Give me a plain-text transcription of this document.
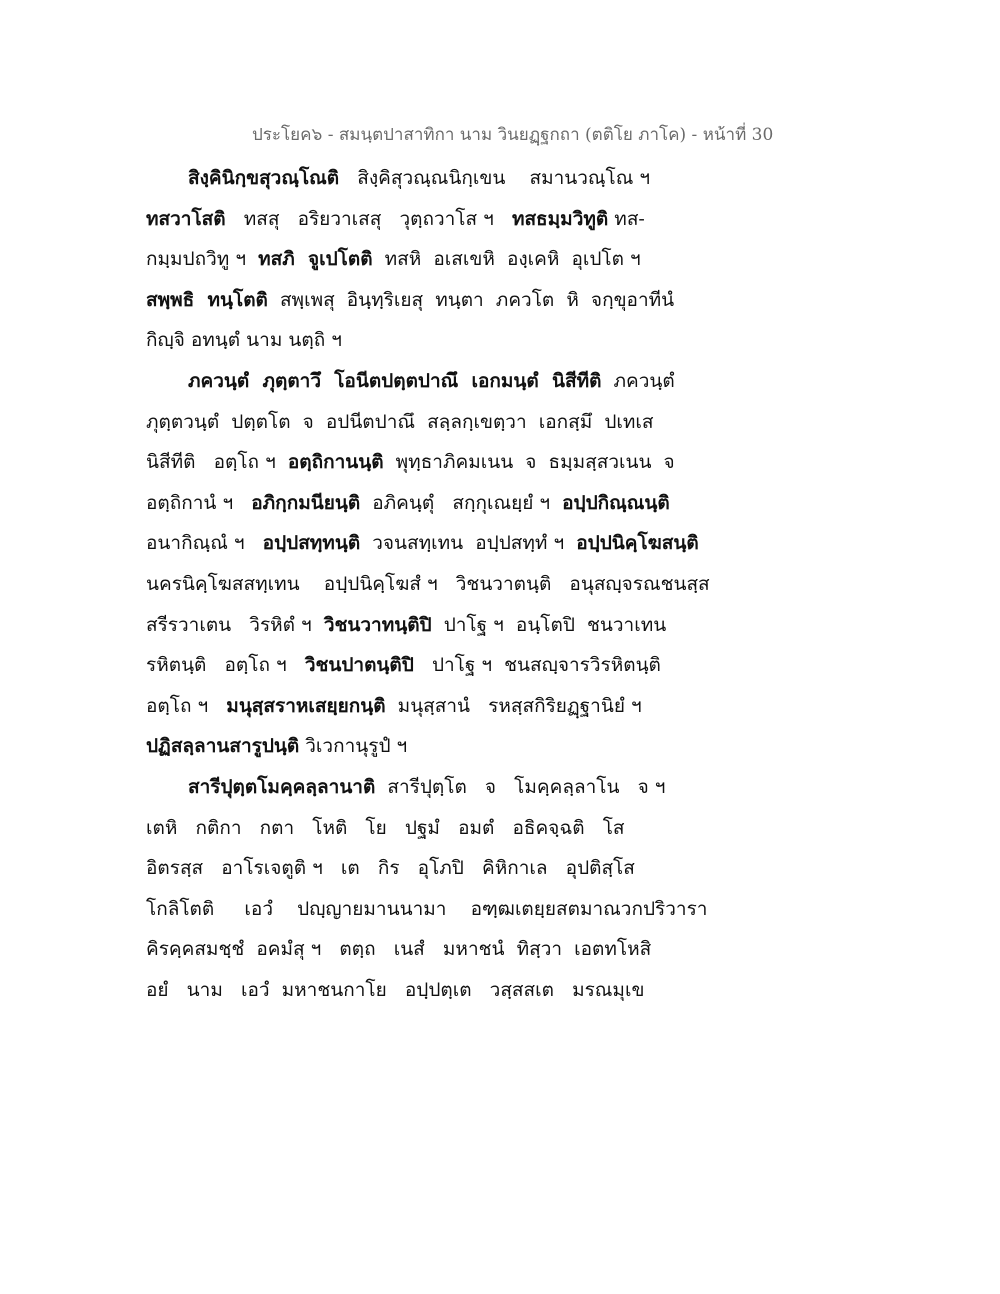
ประโยค๖ - สมนฺตปาสาทิกา นาม วินยฏฺฐกถา (ตติโย ภาโค) - หน้าที่ 30
สิงฺคินิกฺขสุวณฺโณติ   สิงฺคิสุวณฺณนิกฺเขน    สมานวณฺโณ ฯ
ทสวาโสติ   ทสสุ   อริยวาเสสุ   วุตฺถวาโส ฯ   ทสธมฺมวิทูติ ทส-
กมฺมปถวิทู ฯ  ทสภิ  จูเปโตติ  ทสหิ  อเสเขหิ  องฺเคหิ  อุเปโต ฯ
สพฺพธิ  ทนฺโตติ  สพฺเพสุ  อินฺทฺริเยสุ  ทนฺตา  ภควโต  หิ  จกฺขุอาทีนํ
กิญฺจิ อทนฺตํ นาม นตฺถิ ฯ
ภควนฺตํ  ภุตฺตาวึ  โอนีตปตฺตปาณึ  เอกมนฺตํ  นิสีทีติ  ภควนฺตํ
ภุตฺตวนฺตํ  ปตฺตโต  จ  อปนีตปาณึ  สลฺลกฺเขตฺวา  เอกสฺมึ  ปเทเส
นิสีทีติ   อตฺโถ ฯ  อตฺถิกานนฺติ  พุทฺธาภิคมเนน  จ  ธมฺมสฺสวเนน  จ
อตฺถิกานํ ฯ   อภิกฺกมนียนฺติ  อภิคนฺตุํ   สกฺกุเณยฺยํ ฯ  อปฺปกิณฺณนฺติ
อนากิณฺณํ ฯ   อปฺปสทฺทนฺติ  วจนสทฺเทน  อปฺปสทฺทํ ฯ  อปฺปนิคฺโฆสนฺติ
นครนิคฺโฆสสทฺเทน    อปฺปนิคฺโฆสํ ฯ   วิชนวาตนฺติ   อนุสญฺจรณชนสฺส
สรีรวาเตน   วิรหิตํ ฯ  วิชนวาทนฺติปิ  ปาโฐ ฯ  อนฺโตปิ  ชนวาเทน
รหิตนฺติ   อตฺโถ ฯ   วิชนปาตนฺติปิ   ปาโฐ ฯ  ชนสญฺจารวิรหิตนฺติ
อตฺโถ ฯ   มนุสฺสราหเสยฺยกนฺติ  มนุสฺสานํ   รหสฺสกิริยฏฺฐานิยํ ฯ
ปฏิสลฺลานสารูปนฺติ วิเวกานุรูปํ ฯ
สารีปุตฺตโมคฺคลฺลานาติ  สารีปุตฺโต   จ   โมคฺคลฺลาโน   จ ฯ
เตหิ   กติกา   กตา   โหติ   โย   ปฐมํ   อมตํ   อธิคจฺฉติ   โส
อิตรสฺส   อาโรเจตูติ ฯ   เต   กิร   อุโภปิ   คิหิกาเล   อุปติสฺโส
โกลิโตติ     เอวํ    ปญฺญายมานนามา    อฑฺฒเตยฺยสตมาณวกปริวารา
คิรคฺคสมชฺชํ  อคมํสุ ฯ   ตตฺถ   เนสํ   มหาชนํ  ทิสฺวา  เอตทโหสิ
อยํ   นาม   เอวํ  มหาชนกาโย   อปฺปตฺเต   วสฺสสเต   มรณมุเข
